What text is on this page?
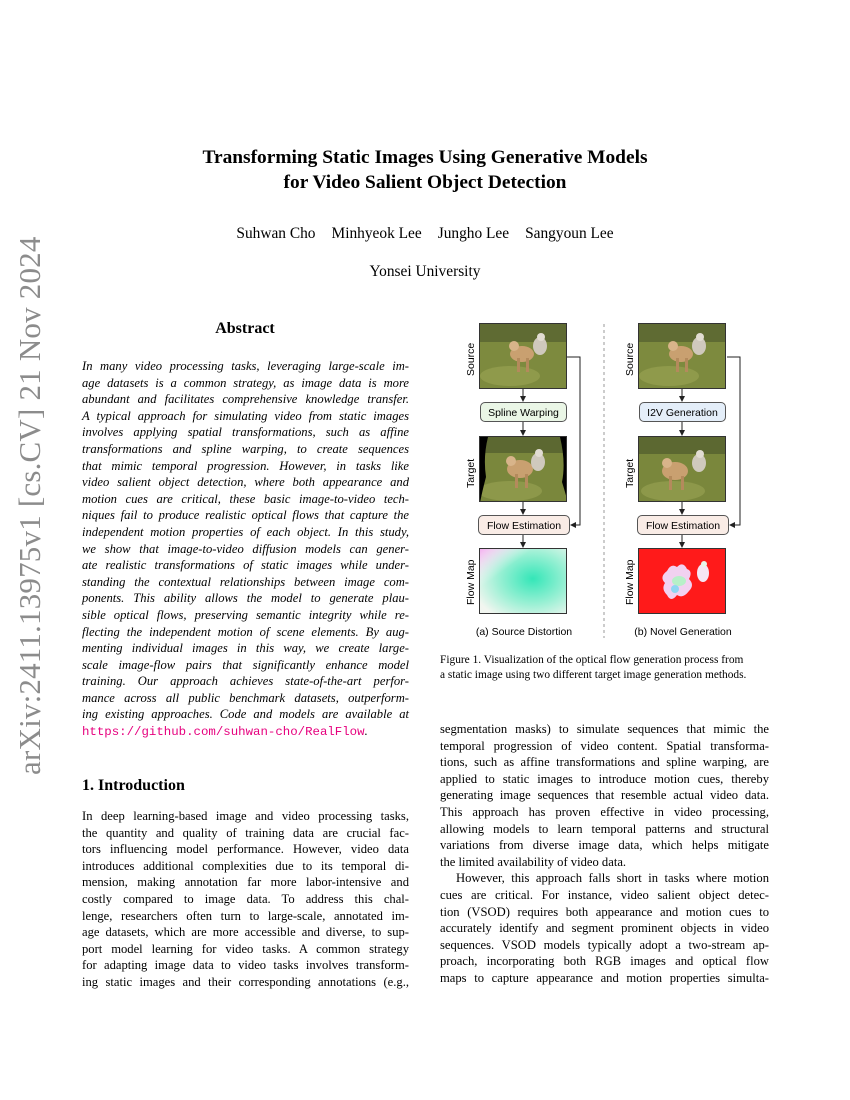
arXiv:2411.13975v1 [cs.CV] 21 Nov 2024
Transforming Static Images Using Generative Models
for Video Salient Object Detection
Suhwan Cho Minhyeok Lee Jungho Lee Sangyoun Lee
Yonsei University
Abstract
In many video processing tasks, leveraging large-scale im-
age datasets is a common strategy, as image data is more
abundant and facilitates comprehensive knowledge transfer.
A typical approach for simulating video from static images
involves applying spatial transformations, such as affine
transformations and spline warping, to create sequences
that mimic temporal progression. However, in tasks like
video salient object detection, where both appearance and
motion cues are critical, these basic image-to-video tech-
niques fail to produce realistic optical flows that capture the
independent motion properties of each object. In this study,
we show that image-to-video diffusion models can gener-
ate realistic transformations of static images while under-
standing the contextual relationships between image com-
ponents. This ability allows the model to generate plau-
sible optical flows, preserving semantic integrity while re-
flecting the independent motion of scene elements. By aug-
menting individual images in this way, we create large-
scale image-flow pairs that significantly enhance model
training. Our approach achieves state-of-the-art perfor-
mance across all public benchmark datasets, outperform-
ing existing approaches. Code and models are available at
https://github.com/suhwan-cho/RealFlow.
1. Introduction
In deep learning-based image and video processing tasks,
the quantity and quality of training data are crucial fac-
tors influencing model performance. However, video data
introduces additional complexities due to its temporal di-
mension, making annotation far more labor-intensive and
costly compared to image data. To address this chal-
lenge, researchers often turn to large-scale, annotated im-
age datasets, which are more accessible and diverse, to sup-
port model learning for video tasks. A common strategy
for adapting image data to video tasks involves transform-
ing static images and their corresponding annotations (e.g.,
segmentation masks) to simulate sequences that mimic the
temporal progression of video content. Spatial transforma-
tions, such as affine transformations and spline warping, are
applied to static images to introduce motion cues, thereby
generating image sequences that resemble actual video data.
This approach has proven effective in video processing,
allowing models to learn temporal patterns and structural
variations from diverse image data, which helps mitigate
the limited availability of video data.
However, this approach falls short in tasks where motion
cues are critical. For instance, video salient object detec-
tion (VSOD) requires both appearance and motion cues to
accurately identify and segment prominent objects in video
sequences. VSOD models typically adopt a two-stream ap-
proach, incorporating both RGB images and optical flow
maps to capture appearance and motion properties simulta-
Source
Spline Warping
Target
Flow Estimation
Flow Map
(a) Source Distortion
Source
I2V Generation
Target
Flow Estimation
Flow Map
(b) Novel Generation
Figure 1. Visualization of the optical flow generation process from
a static image using two different target image generation methods.
